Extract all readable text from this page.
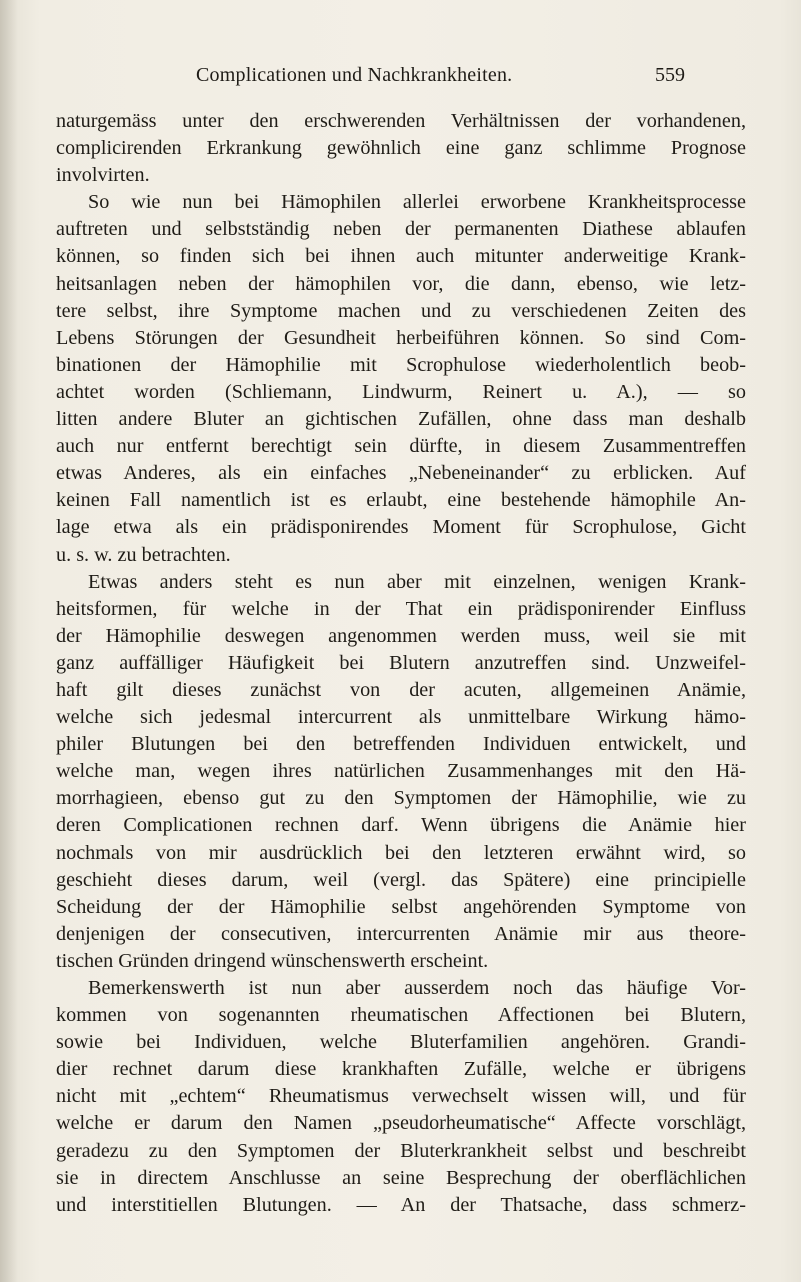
Complicationen und Nachkrankheiten.	559
naturgemäss unter den erschwerenden Verhältnissen der vorhandenen,
complicirenden Erkrankung gewöhnlich eine ganz schlimme Prognose
involvirten.
So wie nun bei Hämophilen allerlei erworbene Krankheitsprocesse
auftreten und selbstständig neben der permanenten Diathese ablaufen
können, so finden sich bei ihnen auch mitunter anderweitige Krank-
heitsanlagen neben der hämophilen vor, die dann, ebenso, wie letz-
tere selbst, ihre Symptome machen und zu verschiedenen Zeiten des
Lebens Störungen der Gesundheit herbeiführen können. So sind Com-
binationen der Hämophilie mit Scrophulose wiederholentlich beob-
achtet worden (Schliemann, Lindwurm, Reinert u. A.), — so
litten andere Bluter an gichtischen Zufällen, ohne dass man deshalb
auch nur entfernt berechtigt sein dürfte, in diesem Zusammentreffen
etwas Anderes, als ein einfaches „Nebeneinander“ zu erblicken. Auf
keinen Fall namentlich ist es erlaubt, eine bestehende hämophile An-
lage etwa als ein prädisponirendes Moment für Scrophulose, Gicht
u. s. w. zu betrachten.
Etwas anders steht es nun aber mit einzelnen, wenigen Krank-
heitsformen, für welche in der That ein prädisponirender Einfluss
der Hämophilie deswegen angenommen werden muss, weil sie mit
ganz auffälliger Häufigkeit bei Blutern anzutreffen sind. Unzweifel-
haft gilt dieses zunächst von der acuten, allgemeinen Anämie,
welche sich jedesmal intercurrent als unmittelbare Wirkung hämo-
philer Blutungen bei den betreffenden Individuen entwickelt, und
welche man, wegen ihres natürlichen Zusammenhanges mit den Hä-
morrhagieen, ebenso gut zu den Symptomen der Hämophilie, wie zu
deren Complicationen rechnen darf. Wenn übrigens die Anämie hier
nochmals von mir ausdrücklich bei den letzteren erwähnt wird, so
geschieht dieses darum, weil (vergl. das Spätere) eine principielle
Scheidung der der Hämophilie selbst angehörenden Symptome von
denjenigen der consecutiven, intercurrenten Anämie mir aus theore-
tischen Gründen dringend wünschenswerth erscheint.
Bemerkenswerth ist nun aber ausserdem noch das häufige Vor-
kommen von sogenannten rheumatischen Affectionen bei Blutern,
sowie bei Individuen, welche Bluterfamilien angehören. Grandi-
dier rechnet darum diese krankhaften Zufälle, welche er übrigens
nicht mit „echtem“ Rheumatismus verwechselt wissen will, und für
welche er darum den Namen „pseudorheumatische“ Affecte vorschlägt,
geradezu zu den Symptomen der Bluterkrankheit selbst und beschreibt
sie in directem Anschlusse an seine Besprechung der oberflächlichen
und interstitiellen Blutungen. — An der Thatsache, dass schmerz-
